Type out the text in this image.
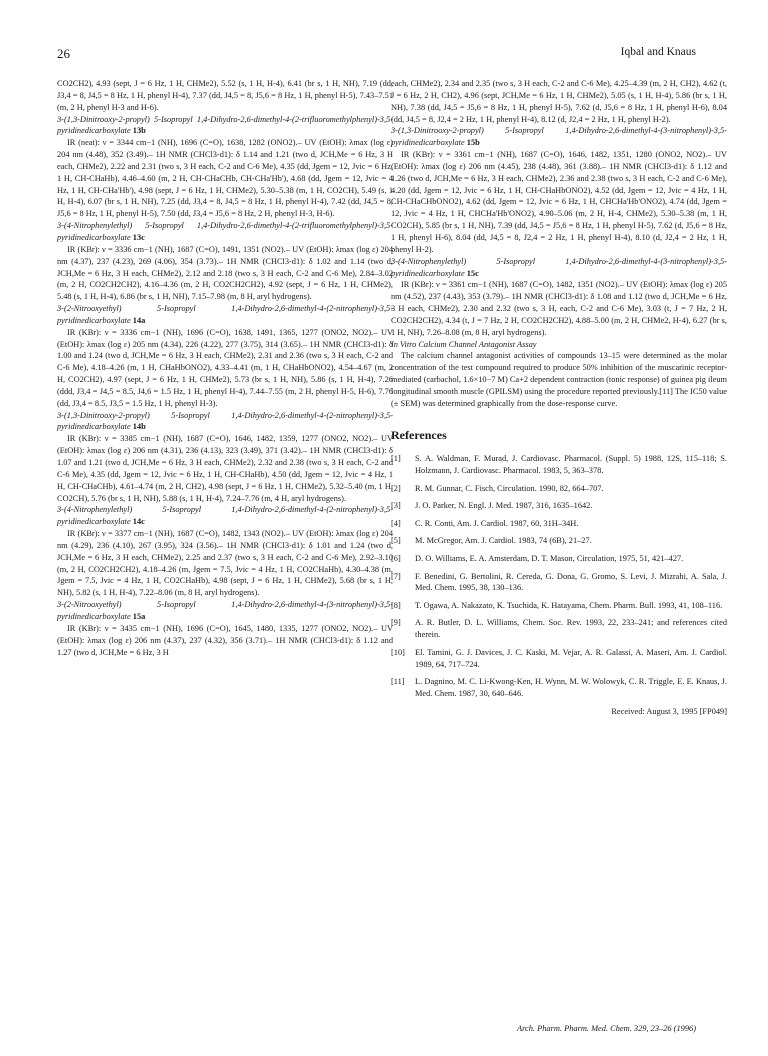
26	Iqbal and Knaus

CO2CH2), 4.93 (sept, J = 6 Hz, 1 H, CHMe2), 5.52 (s, 1 H, H-4), 6.41 (br s, 1 H, NH), 7.19 (dd, J3,4 = 8, J4,5 = 8 Hz, 1 H, phenyl H-4), 7.37 (dd, J4,5 = 8, J5,6 = 8 Hz, 1 H, phenyl H-5), 7.43–7.51 (m, 2 H, phenyl H-3 and H-6).

3-(1,3-Dinitrooxy-2-propyl) 5-Isopropyl 1,4-Dihydro-2,6-dimethyl-4-(2-trifluoromethylphenyl)-3,5-pyridinedicarboxylate 13b

IR (neat): ν = 3344 cm−1 (NH), 1696 (C=O), 1638, 1282 (ONO2).– UV (EtOH): λmax (log ε) 204 nm (4.48), 352 (3.49).– 1H NMR (CHCl3-d1): δ 1.14 and 1.21 (two d, JCH,Me = 6 Hz, 3 H each, CHMe2), 2.22 and 2.31 (two s, 3 H each, C-2 and C-6 Me), 4.35 (dd, Jgem = 12, Jvic = 6 Hz, 1 H, CH-CHaHb), 4.46–4.60 (m, 2 H, CH-CHaCHb, CH-CHa'Hb'), 4.68 (dd, Jgem = 12, Jvic = 4 Hz, 1 H, CH-CHa'Hb'), 4.98 (sept, J = 6 Hz, 1 H, CHMe2), 5.30–5.38 (m, 1 H, CO2CH), 5.49 (s, 1 H, H-4), 6.07 (br s, 1 H, NH), 7.25 (dd, J3,4 = 8, J4,5 = 8 Hz, 1 H, phenyl H-4), 7.42 (dd, J4,5 = 8, J5,6 = 8 Hz, 1 H, phenyl H-5), 7.50 (dd, J3,4 = J5,6 = 8 Hz, 2 H, phenyl H-3, H-6).

3-(4-Nitrophenylethyl) 5-Isopropyl 1,4-Dihydro-2,6-dimethyl-4-(2-trifluoromethylphenyl)-3,5-pyridinedicarboxylate 13c

IR (KBr): ν = 3336 cm−1 (NH), 1687 (C=O), 1491, 1351 (NO2).– UV (EtOH): λmax (log ε) 204 nm (4.37), 237 (4.23), 269 (4.06), 354 (3.73).– 1H NMR (CHCl3-d1): δ 1.02 and 1.14 (two d, JCH,Me = 6 Hz, 3 H each, CHMe2), 2.12 and 2.18 (two s, 3 H each, C-2 and C-6 Me), 2.84–3.02 (m, 2 H, CO2CH2CH2), 4.16–4.36 (m, 2 H, CO2CH2CH2), 4.92 (sept, J = 6 Hz, 1 H, CHMe2), 5.48 (s, 1 H, H-4), 6.86 (br s, 1 H, NH), 7.15–7.98 (m, 8 H, aryl hydrogens).

3-(2-Nitrooxyethyl) 5-Isopropyl 1,4-Dihydro-2,6-dimethyl-4-(2-nitrophenyl)-3,5-pyridinedicarboxylate 14a

IR (KBr): ν = 3336 cm−1 (NH), 1696 (C=O), 1638, 1491, 1365, 1277 (ONO2, NO2).– UV (EtOH): λmax (log ε) 205 nm (4.34), 226 (4.22), 277 (3.75), 314 (3.65).– 1H NMR (CHCl3-d1): δ 1.00 and 1.24 (two d, JCH,Me = 6 Hz, 3 H each, CHMe2), 2.31 and 2.36 (two s, 3 H each, C-2 and C-6 Me), 4.18–4.26 (m, 1 H, CHaHbONO2), 4.33–4.41 (m, 1 H, CHaHbONO2), 4.54–4.67 (m, 2 H, CO2CH2), 4.97 (sept, J = 6 Hz, 1 H, CHMe2), 5.73 (br s, 1 H, NH), 5.86 (s, 1 H, H-4), 7.26 (ddd, J3,4 = J4,5 = 8.5, J4,6 = 1.5 Hz, 1 H, phenyl H-4), 7.44–7.55 (m, 2 H, phenyl H-5, H-6), 7.76 (dd, J3,4 = 8.5, J3,5 = 1.5 Hz, 1 H, phenyl H-3).

3-(1,3-Dinitrooxy-2-propyl) 5-Isopropyl 1,4-Dihydro-2,6-dimethyl-4-(2-nitrophenyl)-3,5-pyridinedicarboxylate 14b

IR (KBr): ν = 3385 cm−1 (NH), 1687 (C=O), 1646, 1482, 1359, 1277 (ONO2, NO2).– UV (EtOH): λmax (log ε) 206 nm (4.31), 236 (4.13), 323 (3.49), 371 (3.42).– 1H NMR (CHCl3-d1): δ 1.07 and 1.21 (two d, JCH,Me = 6 Hz, 3 H each, CHMe2), 2.32 and 2.38 (two s, 3 H each, C-2 and C-6 Me), 4.35 (dd, Jgem = 12, Jvic = 6 Hz, 1 H, CH-CHaHb), 4.50 (dd, Jgem = 12, Jvic = 4 Hz, 1 H, CH-CHaCHb), 4.61–4.74 (m, 2 H, CH2), 4.98 (sept, J = 6 Hz, 1 H, CHMe2), 5.32–5.40 (m, 1 H, CO2CH), 5.76 (br s, 1 H, NH), 5.88 (s, 1 H, H-4), 7.24–7.76 (m, 4 H, aryl hydrogens).

3-(4-Nitrophenylethyl) 5-Isopropyl 1,4-Dihydro-2,6-dimethyl-4-(2-nitrophenyl)-3,5-pyridinedicarboxylate 14c

IR (KBr): ν = 3377 cm−1 (NH), 1687 (C=O), 1482, 1343 (NO2).– UV (EtOH): λmax (log ε) 204 nm (4.29), 236 (4.10), 267 (3.95), 324 (3.56).– 1H NMR (CHCl3-d1): δ 1.01 and 1.24 (two d, JCH,Me = 6 Hz, 3 H each, CHMe2), 2.25 and 2.37 (two s, 3 H each, C-2 and C-6 Me), 2.92–3.10 (m, 2 H, CO2CH2CH2), 4.18–4.26 (m, Jgem = 7.5, Jvic = 4 Hz, 1 H, CO2CHaHb), 4.30–4.38 (m, Jgem = 7.5, Jvic = 4 Hz, 1 H, CO2CHaHb), 4.98 (sept, J = 6 Hz, 1 H, CHMe2), 5.68 (br s, 1 H, NH), 5.82 (s, 1 H, H-4), 7.22–8.06 (m, 8 H, aryl hydrogens).

3-(2-Nitrooxyethyl) 5-Isopropyl 1,4-Dihydro-2,6-dimethyl-4-(3-nitrophenyl)-3,5-pyridinedicarboxylate 15a

IR (KBr): ν = 3435 cm−1 (NH), 1696 (C=O), 1645, 1480, 1335, 1277 (ONO2, NO2).– UV (EtOH): λmax (log ε) 206 nm (4.37), 237 (4.32), 356 (3.71).– 1H NMR (CHCl3-d1): δ 1.12 and 1.27 (two d, JCH,Me = 6 Hz, 3 H

each, CHMe2), 2.34 and 2.35 (two s, 3 H each, C-2 and C-6 Me), 4.25–4.39 (m, 2 H, CH2), 4.62 (t, J = 6 Hz, 2 H, CH2), 4.96 (sept, JCH,Me = 6 Hz, 1 H, CHMe2), 5.05 (s, 1 H, H-4), 5.86 (br s, 1 H, NH), 7.38 (dd, J4,5 = J5,6 = 8 Hz, 1 H, phenyl H-5), 7.62 (d, J5,6 = 8 Hz, 1 H, phenyl H-6), 8.04 (dd, J4,5 = 8, J2,4 = 2 Hz, 1 H, phenyl H-4), 8.12 (d, J2,4 = 2 Hz, 1 H, phenyl H-2).

3-(1,3-Dinitrooxy-2-propyl) 5-Isopropyl 1,4-Dihydro-2,6-dimethyl-4-(3-nitrophenyl)-3,5-pyridinedicarboxylate 15b

IR (KBr): ν = 3361 cm−1 (NH), 1687 (C=O), 1646, 1482, 1351, 1280 (ONO2, NO2).– UV (EtOH): λmax (log ε) 206 nm (4.45), 238 (4.48), 361 (3.88).– 1H NMR (CHCl3-d1): δ 1.12 and 1.26 (two d, JCH,Me = 6 Hz, 3 H each, CHMe2), 2.36 and 2.38 (two s, 3 H each, C-2 and C-6 Me), 4.20 (dd, Jgem = 12, Jvic = 6 Hz, 1 H, CH-CHaHbONO2), 4.52 (dd, Jgem = 12, Jvic = 4 Hz, 1 H, CH-CHaCHbONO2), 4.62 (dd, Jgem = 12, Jvic = 6 Hz, 1 H, CHCHa'Hb'ONO2), 4.74 (dd, Jgem = 12, Jvic = 4 Hz, 1 H, CHCHa'Hb'ONO2), 4.90–5.06 (m, 2 H, H-4, CHMe2), 5.30–5.38 (m, 1 H, CO2CH), 5.85 (br s, 1 H, NH), 7.39 (dd, J4,5 = J5,6 = 8 Hz, 1 H, phenyl H-5), 7.62 (d, J5,6 = 8 Hz, 1 H, phenyl H-6), 8.04 (dd, J4,5 = 8, J2,4 = 2 Hz, 1 H, phenyl H-4), 8.10 (d, J2,4 = 2 Hz, 1 H, phenyl H-2).

3-(4-Nitrophenylethyl) 5-Isopropyl 1,4-Dihydro-2,6-dimethyl-4-(3-nitrophenyl)-3,5-pyridinedicarboxylate 15c

IR (KBr): ν = 3361 cm−1 (NH), 1687 (C=O), 1482, 1351 (NO2).– UV (EtOH): λmax (log ε) 205 nm (4.52), 237 (4.43), 353 (3.79).– 1H NMR (CHCl3-d1): δ 1.08 and 1.12 (two d, JCH,Me = 6 Hz, 3 H each, CHMe2), 2.30 and 2.32 (two s, 3 H, each, C-2 and C-6 Me), 3.03 (t, J = 7 Hz, 2 H, CO2CH2CH2), 4.34 (t, J = 7 Hz, 2 H, CO2CH2CH2), 4.88–5.00 (m, 2 H, CHMe2, H-4), 6.27 (br s, 1 H, NH), 7.26–8.08 (m, 8 H, aryl hydrogens).

In Vitro Calcium Channel Antagonist Assay

The calcium channel antagonist activities of compounds 13–15 were determined as the molar concentration of the test compound required to produce 50% inhibition of the muscarinic receptor-mediated (carbachol, 1.6×10−7 M) Ca+2 dependent contraction (tonic response) of guinea pig ileum longitudinal smooth muscle (GPILSM) using the procedure reported previously.[11] The IC50 value (± SEM) was determined graphically from the dose-response curve.

References
[1]	S. A. Waldman, F. Murad, J. Cardiovasc. Pharmacol. (Suppl. 5) 1988, 12S, 115–118; S. Holzmann, J. Cardiovasc. Pharmacol. 1983, 5, 363–378.
[2]	R. M. Gunnar, C. Fisch, Circulation. 1990, 82, 664–707.
[3]	J. O. Parker, N. Engl. J. Med. 1987, 316, 1635–1642.
[4]	C. R. Conti, Am. J. Cardiol. 1987, 60, 31H–34H.
[5]	M. McGregor, Am. J. Cardiol. 1983, 74 (6B), 21–27.
[6]	D. O. Williams, E. A. Amsterdam, D. T. Mason, Circulation, 1975, 51, 421–427.
[7]	F. Benedini, G. Bertolini, R. Cereda, G. Dona, G. Gromo, S. Levi, J. Mizrahi, A. Sala, J. Med. Chem. 1995, 38, 130–136.
[8]	T. Ogawa, A. Nakazato, K. Tsuchida, K. Hatayama, Chem. Pharm. Bull. 1993, 41, 108–116.
[9]	A. R. Butler, D. L. Williams, Chem. Soc. Rev. 1993, 22, 233–241; and references cited therein.
[10]	El. Tamini, G. J. Davices, J. C. Kaski, M. Vejar, A. R. Galassi, A. Maseri, Am. J. Cardiol. 1989, 64, 717–724.
[11]	L. Dagnino, M. C. Li-Kwong-Ken, H. Wynn, M. W. Wolowyk, C. R. Triggle, E. E. Knaus, J. Med. Chem. 1987, 30, 640–646.
Received: August 3, 1995 [FP049]
Arch. Pharm. Pharm. Med. Chem. 329, 23–26 (1996)
